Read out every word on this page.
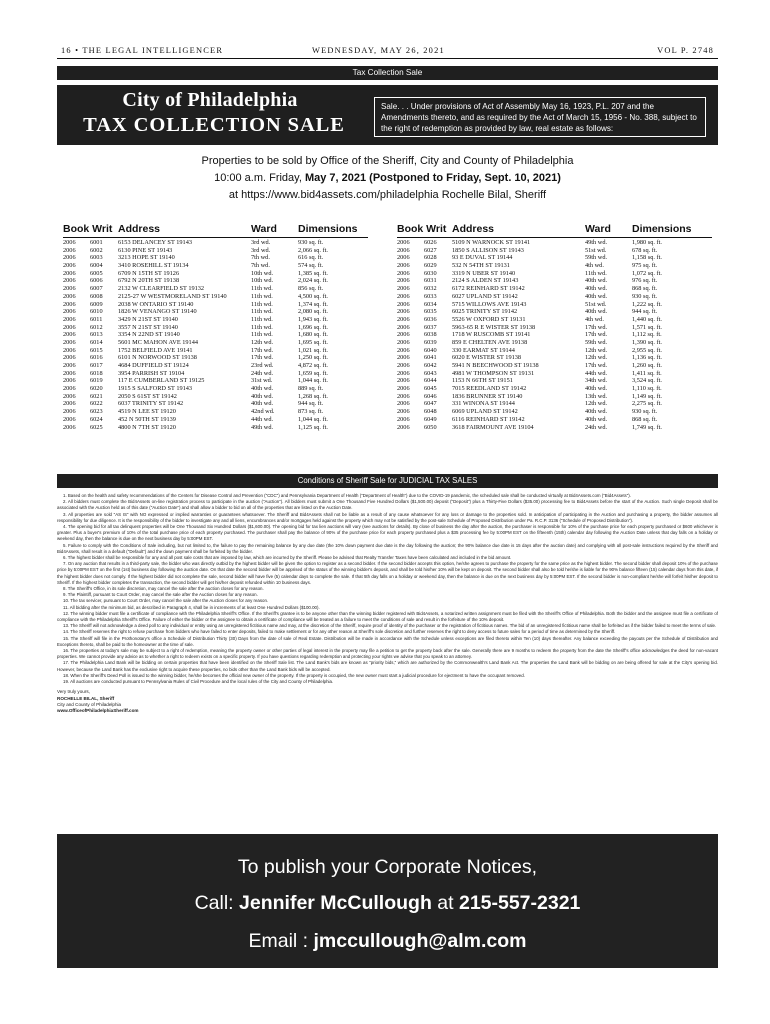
16 • THE LEGAL INTELLIGENCER	WEDNESDAY, MAY 26, 2021	VOL P. 2748
Tax Collection Sale
City of Philadelphia
TAX COLLECTION SALE
Sale. . . Under provisions of Act of Assembly May 16, 1923, P.L. 207 and the Amendments thereto, and as required by the Act of March 15, 1956 - No. 388, subject to the right of redemption as provided by law, real estate as follows:
Properties to be sold by Office of the Sheriff, City and County of Philadelphia
10:00 a.m. Friday, May 7, 2021 (Postponed to Friday, Sept. 10, 2021)
at https://www.bid4assets.com/philadelphia Rochelle Bilal, Sheriff
Book Writ Address	Ward Dimensions
2006 6001 6153 DELANCEY ST 19143	3rd wd.	930 sq. ft.
2006 6002 6130 PINE ST 19143	3rd wd.	2,066 sq. ft.
2006 6003 3213 HOPE ST 19140	7th wd.	616 sq. ft.
2006 6004 3410 ROSEHILL ST 19134	7th wd.	574 sq. ft.
2006 6005 6709 N 15TH ST 19126	10th wd.	1,385 sq. ft.
2006 6006 6792 N 20TH ST 19138	10th wd.	2,024 sq. ft.
2006 6007 2132 W CLEARFIELD ST 19132	11th wd.	856 sq. ft.
2006 6008 2125-27 W WESTMORELAND ST 19140	11th wd.	4,500 sq. ft.
2006 6009 2038 W ONTARIO ST 19140	11th wd.	1,374 sq. ft.
2006 6010 1826 W VENANGO ST 19140	11th wd.	2,080 sq. ft.
2006 6011 3429 N 21ST ST 19140	11th wd.	1,943 sq. ft.
2006 6012 3557 N 21ST ST 19140	11th wd.	1,696 sq. ft.
2006 6013 3354 N 22ND ST 19140	11th wd.	1,680 sq. ft.
2006 6014 5601 MC MAHON AVE 19144	12th wd.	1,695 sq. ft.
2006 6015 1752 BELFIELD AVE 19141	17th wd.	1,021 sq. ft.
2006 6016 6101 N NORWOOD ST 19138	17th wd.	1,250 sq. ft.
2006 6017 4684 DUFFIELD ST 19124	23rd wd.	4,872 sq. ft.
2006 6018 3954 PARRISH ST 19104	24th wd.	1,659 sq. ft.
2006 6019 117 E CUMBERLAND ST 19125	31st wd.	1,044 sq. ft.
2006 6020 1915 S SALFORD ST 19143	40th wd.	889 sq. ft.
2006 6021 2050 S 61ST ST 19142	40th wd.	1,268 sq. ft.
2006 6022 6037 TRINITY ST 19142	40th wd.	944 sq. ft.
2006 6023 4519 N LEE ST 19120	42nd wd.	873 sq. ft.
2006 6024 452 N 50TH ST 19139	44th wd.	1,044 sq. ft.
2006 6025 4800 N 7TH ST 19120	49th wd.	1,125 sq. ft.
Book Writ Address	Ward Dimensions
2006 6026 5109 N WARNOCK ST 19141	49th wd.	1,980 sq. ft.
2006 6027 1850 S ALLISON ST 19143	51st wd.	678 sq. ft.
2006 6028 93 E DUVAL ST 19144	59th wd.	1,158 sq. ft.
2006 6029 532 N 54TH ST 19131	4th wd.	975 sq. ft.
2006 6030 3319 N UBER ST 19140	11th wd.	1,072 sq. ft.
2006 6031 2124 S ALDEN ST 19143	40th wd.	976 sq. ft.
2006 6032 6172 REINHARD ST 19142	40th wd.	868 sq. ft.
2006 6033 6027 UPLAND ST 19142	40th wd.	930 sq. ft.
2006 6034 5715 WILLOWS AVE 19143	51st wd.	1,222 sq. ft.
2006 6035 6025 TRINITY ST 19142	40th wd.	944 sq. ft.
2006 6036 5526 W OXFORD ST 19131	4th wd.	1,440 sq. ft.
2006 6037 5963-65 R E WISTER ST 19138	17th wd.	1,571 sq. ft.
2006 6038 1718 W RUSCOMB ST 19141	17th wd.	1,112 sq. ft.
2006 6039 859 E CHELTEN AVE 19138	59th wd.	1,390 sq. ft.
2006 6040 330 EARMAT ST 19144	12th wd.	2,955 sq. ft.
2006 6041 6020 E WISTER ST 19138	12th wd.	1,136 sq. ft.
2006 6042 5941 N BEECHWOOD ST 19138	17th wd.	1,260 sq. ft.
2006 6043 4981 W THOMPSON ST 19131	44th wd.	1,411 sq. ft.
2006 6044 1153 N 66TH ST 19151	34th wd.	3,524 sq. ft.
2006 6045 7015 REEDLAND ST 19142	40th wd.	1,110 sq. ft.
2006 6046 1836 BRUNNER ST 19140	13th wd.	1,149 sq. ft.
2006 6047 331 WINONA ST 19144	12th wd.	2,275 sq. ft.
2006 6048 6069 UPLAND ST 19142	40th wd.	930 sq. ft.
2006 6049 6116 REINHARD ST 19142	40th wd.	868 sq. ft.
2006 6050 3618 FAIRMOUNT AVE 19104	24th wd.	1,749 sq. ft.
Conditions of Sheriff Sale for JUDICIAL TAX SALES

1. Based on the health and safety recommendations of the Centers for Disease Control and Prevention ("CDC") and Pennsylvania Department of Health ("Department of Health") due to the COVID-19 pandemic, the scheduled sale shall be conducted virtually at Bid4Assets.com ("Bid4Assets").

2. All bidders must complete the Bid4Assets on-line registration process to participate in the auction ("Auction"). All bidders must submit a One Thousand Five Hundred Dollars ($1,500.00) deposit ("Deposit") plus a Thirty-Five Dollars ($35.00) processing fee to Bid4Assets before the start of the Auction. Such single Deposit shall be associated with the Auction held as of this date ("Auction Date") and shall allow a bidder to bid on all of the properties that are listed on the Auction Date.

3. All properties are sold "AS IS" with NO expressed or implied warranties or guarantees whatsoever. The Sheriff and Bid4Assets shall not be liable as a result of any cause whatsoever for any loss or damage to the properties sold. In anticipation of participating in the Auction and purchasing a property, the bidder assumes all responsibility for due diligence. It is the responsibility of the bidder to investigate any and all liens, encumbrances and/or mortgages held against the property which may not be satisfied by the post-sale Schedule of Proposed Distribution under Pa. R.C.P. 3136 ("Schedule of Proposed Distribution").

4. The opening bid for all tax delinquent properties will be One Thousand Six Hundred Dollars ($1,600.00). The opening bid for tax lien auctions will vary (see auctions for details). By close of business the day after the auction, the purchaser is responsible for 10% of the purchase price for each property purchased or $600 whichever is greater. Plus a buyer's premium of 10% of the total purchase price of each property purchased. The purchaser shall pay the balance of 90% of the purchase price for each property purchased plus a $35 processing fee by 5:00PM EST on the fifteenth (15th) calendar day following the Auction Date unless that day falls on a holiday or weekend day, then the balance is due on the next business day by 5:00PM EST.

5. Failure to comply with the Conditions of Sale including, but not limited to, the failure to pay the remaining balance by any due date (the 10% down payment due date is the day following the auction; the 90% balance due date is 15 days after the auction date) and complying with all post-sale instructions required by the Sheriff and Bid4Assets, shall result in a default ("Default") and the down payment shall be forfeited by the bidder.

6. The highest bidder shall be responsible for any and all post sale costs that are imposed by law, which are incurred by the Sheriff. Please be advised that Realty Transfer Taxes have been calculated and included in the bid amount.

7. On any auction that results in a third-party sale, the bidder who was directly outbid by the highest bidder will be given the option to register as a second bidder. If the second bidder accepts this option, he/she agrees to purchase the property for the same price as the highest bidder. The second bidder shall deposit 10% of the purchase price by 5:00PM EST on the first (1st) business day following the auction date. On that date the second bidder will be apprised of the status of the winning bidder's deposit, and shall be told his/her 10% will be kept on deposit. The second bidder shall also be told he/she is liable for the 90% balance fifteen (15) calendar days from this date, if the highest bidder does not comply. If the highest bidder did not complete the sale, second bidder will have five (5) calendar days to complete the sale. If that 5th day falls on a holiday or weekend day, then the balance is due on the next business day by 5:00PM EST. If the second bidder is non-compliant he/she will forfeit his/her deposit to Sheriff. If the highest bidder completes the transaction, the second bidder will get his/her deposit refunded within 10 business days.

8. The Sheriff's Office, in its sole discretion, may cancel the sale after the auction closes for any reason.

9. The Plaintiff, pursuant to Court Order, may cancel the sale after the Auction closes for any reason.

10. The tax servicer, pursuant to Court Order, may cancel the sale after the Auction closes for any reason.

11. All bidding after the minimum bid, as described in Paragraph 4, shall be in increments of at least One Hundred Dollars ($100.00).

12. The winning bidder must file a certificate of compliance with the Philadelphia Sheriff's Office. If the Sheriff's grantee is to be anyone other than the winning bidder registered with Bid4Assets, a notarized written assignment must be filed with the Sheriff's Office of Philadelphia. Both the bidder and the assignee must file a certificate of compliance with the Philadelphia Sheriff's Office. Failure of either the bidder or the assignee to obtain a certificate of compliance will be treated as a failure to meet the conditions of sale and result in the forfeiture of the 10% deposit.

13. The Sheriff will not acknowledge a deed poll to any individual or entity using an unregistered fictitious name and may, at the discretion of the Sheriff, require proof of identity of the purchaser or the registration of fictitious names. The bid of an unregistered fictitious name shall be forfeited as if the bidder failed to meet the terms of sale.

14. The Sheriff reserves the right to refuse purchase from bidders who have failed to enter deposits, failed to make settlement or for any other reason at Sheriff's sole discretion and further reserves the right to deny access to future sales for a period of time as determined by the Sheriff.

15. The Sheriff will file in the Prothonotary's office a Schedule of Distribution Thirty (30) Days from the date of sale of Real Estate. Distribution will be made in accordance with the Schedule unless exceptions are filed thereto within Ten (10) days thereafter. Any balance exceeding the payouts per the Schedule of Distribution and Exceptions thereto, shall be paid to the homeowner at the time of sale.

16. The properties at today's sale may be subject to a right of redemption, meaning the property owner or other parties of legal interest in the property may file a petition to get the property back after the sale. Generally there are 9 months to redeem the property from the date the Sheriff's office acknowledges the deed for non-vacant properties. We cannot provide any advice as to whether a right to redeem exists on a specific property. If you have questions regarding redemption and protecting your rights we advise that you speak to an attorney.

17. The Philadelphia Land Bank will be bidding on certain properties that have been identified on the Sheriff Sale list. The Land Bank's bids are known as "priority bids," which are authorized by the Commonwealth's Land Bank Act. The properties the Land Bank will be bidding on are being offered for sale at the City's opening bid. However, because the Land Bank has the exclusive right to acquire these properties, no bids other than the Land Bank bids will be accepted.

18. When the Sheriff's Deed Poll is issued to the winning bidder, he/she becomes the official new owner of the property. If the property is occupied, the new owner must start a judicial procedure for ejectment to have the occupant removed.

19. All auctions are conducted pursuant to Pennsylvania Rules of Civil Procedure and the local rules of the City and County of Philadelphia.

Very truly yours,
ROCHELLE BILAL, Sheriff
City and County of Philadelphia
www.OfficeofPhiladelphiaSheriff.com
To publish your Corporate Notices,
Call: Jennifer McCullough at 215-557-2321
Email : jmccullough@alm.com
